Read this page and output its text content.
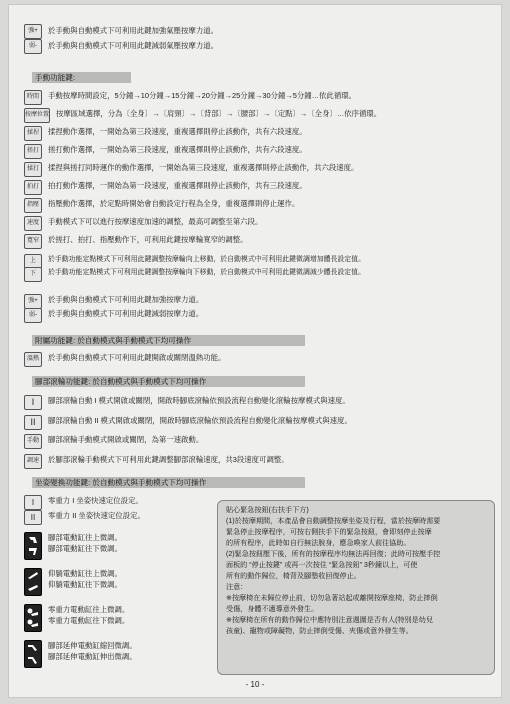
強+	於手動與自動模式下可利用此鍵加強氣壓按摩力道。
弱-	於手動與自動模式下可利用此鍵減弱氣壓按摩力道。
手動功能鍵:
時間	手動按摩時間設定，5分鐘→10分鐘→15分鐘→20分鐘→25分鐘→30分鐘→5分鐘…依此循環。
按摩位置 按摩區域選擇，分為〔全身〕→〔肩頸〕→〔背部〕→〔腰部〕→〔定點〕→〔全身〕…依序循環。
揉捏	揉捏動作選擇，一開始為第三段速度，重複選擇則停止該動作，共有六段速度。
搓打	搓打動作選擇，一開始為第三段速度，重複選擇則停止該動作，共有六段速度。
揉打	揉捏與搓打同時運作的動作選擇，一開始為第三段速度，重複選擇則停止該動作，共六段速度。
拍打	拍打動作選擇，一開始為第一段速度，重複選擇則停止該動作，共有三段速度。
指壓	指壓動作選擇，於定點時開始會自動設定行程為全身，重複選擇則停止運作。
速度	手動模式下可以進行按摩速度加速的調整，最高可調整至第六段。
寬窄	於搓打、拍打、指壓動作下，可利用此鍵按摩輪寬窄的調整。
上	於手動功能定點模式下可利用此鍵調整按摩輪向上移動，於自動模式中可利用此鍵微調增加體長設定值。
下	於手動功能定點模式下可利用此鍵調整按摩輪向下移動，於自動模式中可利用此鍵微調減少體長設定值。
強+	於手動與自動模式下可利用此鍵加強按摩力道。
弱-	於手動與自動模式下可利用此鍵減弱按摩力道。
附屬功能鍵: 於自動模式與手動模式下均可操作
溫熱	於手動與自動模式下可利用此鍵開啟或關閉溫熱功能。
腳部滾輪功能鍵: 於自動模式與手動模式下均可操作
I	腳部滾輪自動 I 模式開啟或關閉，開啟時腳底滾輪依預設流程自動變化滾輪按摩模式與速度。
II	腳部滾輪自動 II 模式開啟或關閉，開啟時腳底滾輪依預設流程自動變化滾輪按摩模式與速度。
手動	腳部滾輪手動模式開啟或關閉，為第一速啟動。
調速	於腳部滾輪手動模式下可利用此鍵調整腳部滾輪速度，共3段速度可調整。
坐姿變換功能鍵: 於自動模式與手動模式下均可操作
I	零重力 I 坐姿快速定位設定。
II	零重力 II 坐姿快速定位設定。
腳部電動缸往上微調。
腳部電動缸往下微調。
仰躺電動缸往上微調。
仰躺電動缸往下微調。
零重力電動缸往上微調。
零重力電動缸往下微調。
腳部延伸電動缸縮回微調。
腳部延伸電動缸伸出微調。

貼心緊急按鈕(右扶手下方)

(1)於按摩期間，本產品會自動調整按摩坐姿及行程，當於按摩時需要

緊急停止按摩程序，可按右側扶手下的緊急按鈕，會即刻停止按摩

的所有程序，此時如自行無法脫身，應急喚家人前往協助。

(2)緊急按鈕壓下後，所有的按摩程序均無法再回復；此時可按壓手控

面板的 “停止按鍵” 或再一次按住 “緊急按鈕” 3秒鐘以上，可使

所有的動作歸位，椅背及腳墊收回復停止。

注意：

※按摩椅在未歸位停止前，切勿急著站起或離開按摩座椅，防止摔倒

受傷，身體不適導意外發生。

※按摩椅在所有的動作歸位中應特別注意週圍是否有人(特別是幼兒

孩童)、寵物或障礙物，防止摔倒受傷、夾傷或意外發生等。

- 10 -
